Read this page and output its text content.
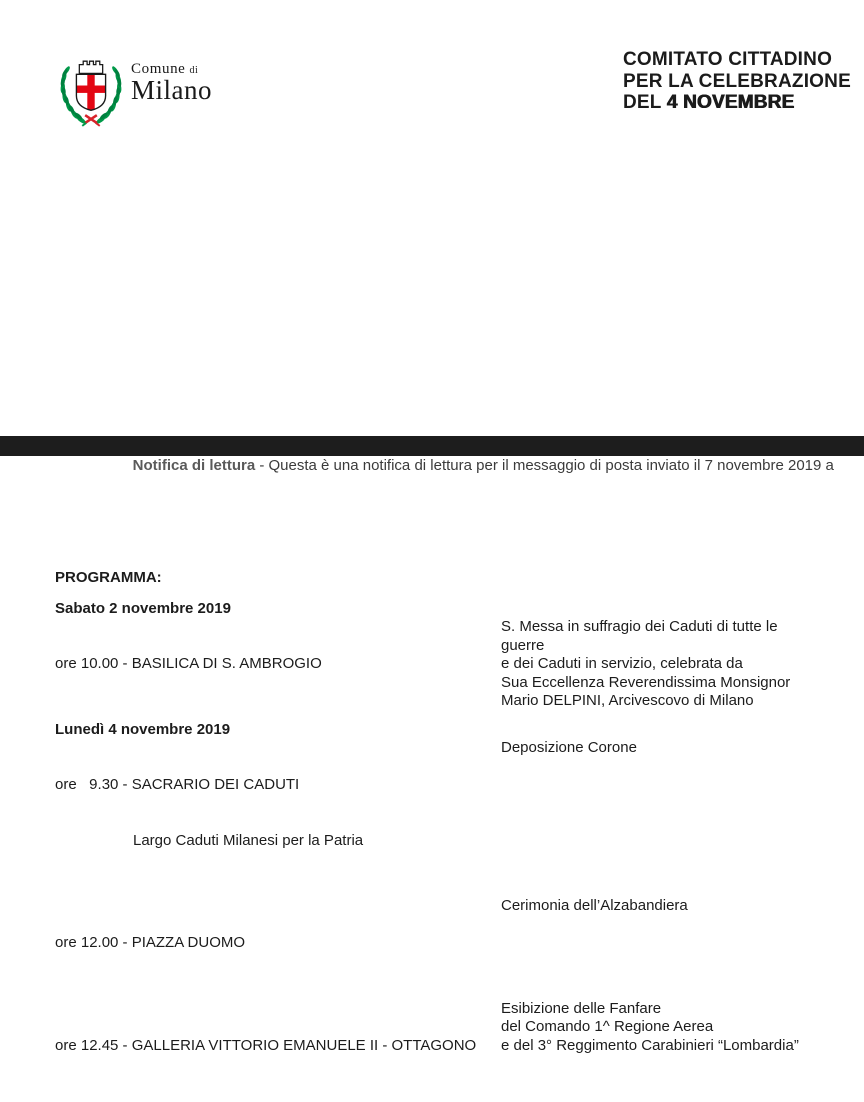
Comune di
Milano
COMITATO CITTADINO
PER LA CELEBRAZIONE
DEL 4 NOVEMBRE

Notifica di lettura - Questa è una notifica di lettura per il messaggio di posta inviato il 7 novembre 2019 a

PROGRAMMA:
Sabato 2 novembre 2019

ore 10.00 - BASILICA DI S. AMBROGIO

S. Messa in suffragio dei Caduti di tutte le guerre
e dei Caduti in servizio, celebrata da
Sua Eccellenza Reverendissima Monsignor
Mario DELPINI, Arcivescovo di Milano
Lunedì 4 novembre 2019

ore   9.30 - SACRARIO DEI CADUTI

Largo Caduti Milanesi per la Patria

Deposizione Corone

ore 12.00 - PIAZZA DUOMO

Cerimonia dell’Alzabandiera

ore 12.45 - GALLERIA VITTORIO EMANUELE II - OTTAGONO

Esibizione delle Fanfare
del Comando 1^ Regione Aerea
e del 3° Reggimento Carabinieri “Lombardia”
